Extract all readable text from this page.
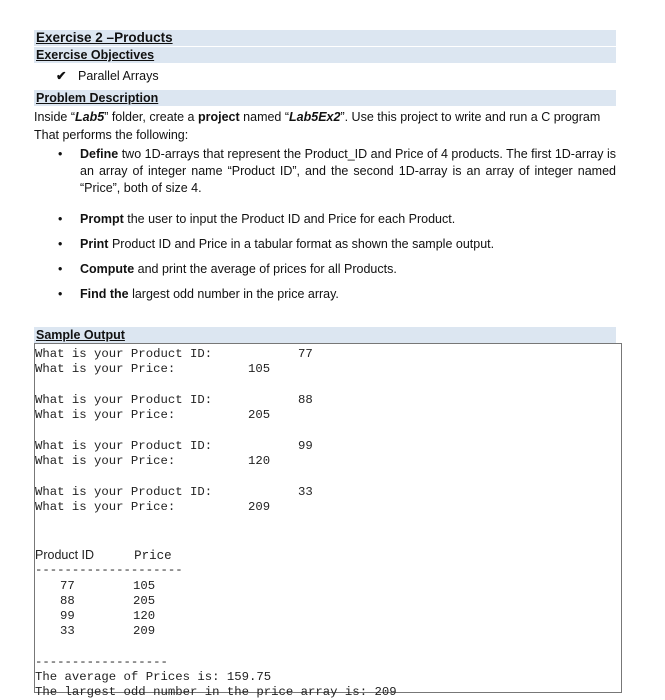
Exercise 2 –Products
Exercise Objectives
✔ Parallel Arrays
Problem Description
Inside “Lab5” folder, create a project named “Lab5Ex2”. Use this project to write and run a C program That performs the following:
• Define two 1D-arrays that represent the Product_ID and Price of 4 products. The first 1D-array is an array of integer name “Product ID”, and the second 1D-array is an array of integer named “Price”, both of size 4.
• Prompt the user to input the Product ID and Price for each Product.
• Print Product ID and Price in a tabular format as shown the sample output.
• Compute and print the average of prices for all Products.
• Find the largest odd number in the price array.
Sample Output
What is your Product ID:	77
What is your Price:	105
What is your Product ID:	88
What is your Price:	205
What is your Product ID:	99
What is your Price:	120
What is your Product ID:	33
What is your Price:	209
Product ID	Price
--------------------
77	105
88	205
99	120
33	209
------------------
The average of Prices is: 159.75
The largest odd number in the price array is: 209
